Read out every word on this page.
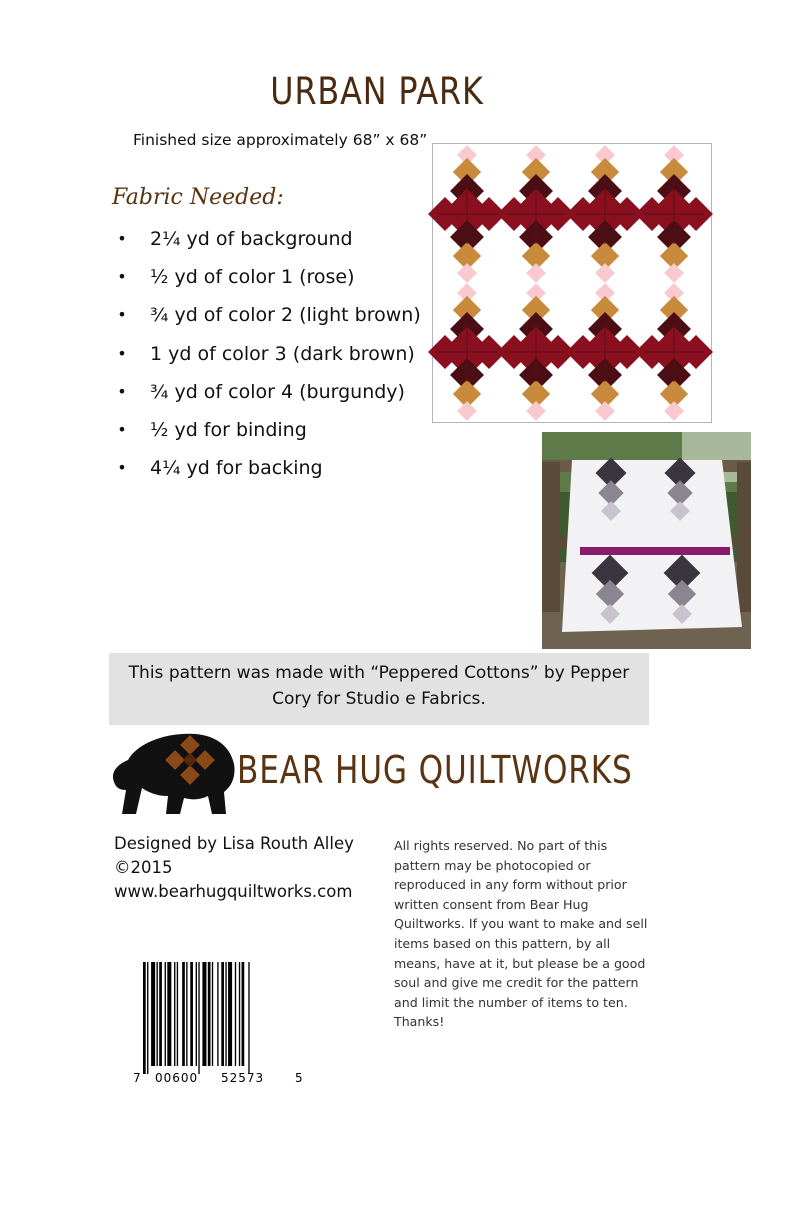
URBAN PARK
Finished size approximately 68” x 68”
Fabric Needed:
• 2¼ yd of background
• ½ yd of color 1 (rose)
• ¾ yd of color 2 (light brown)
• 1 yd of color 3 (dark brown)
• ¾ yd of color 4 (burgundy)
• ½ yd for binding
• 4¼ yd for backing

This pattern was made with “Peppered Cottons” by Pepper Cory for Studio e Fabrics.

BEAR HUG QUILTWORKS
Designed by Lisa Routh Alley
©2015
www.bearhugquiltworks.com
All rights reserved. No part of this pattern may be photocopied or reproduced in any form without prior written consent from Bear Hug Quiltworks. If you want to make and sell items based on this pattern, by all means, have at it, but please be a good soul and give me credit for the pattern and limit the number of items to ten. Thanks!
7 00600 52573	5
